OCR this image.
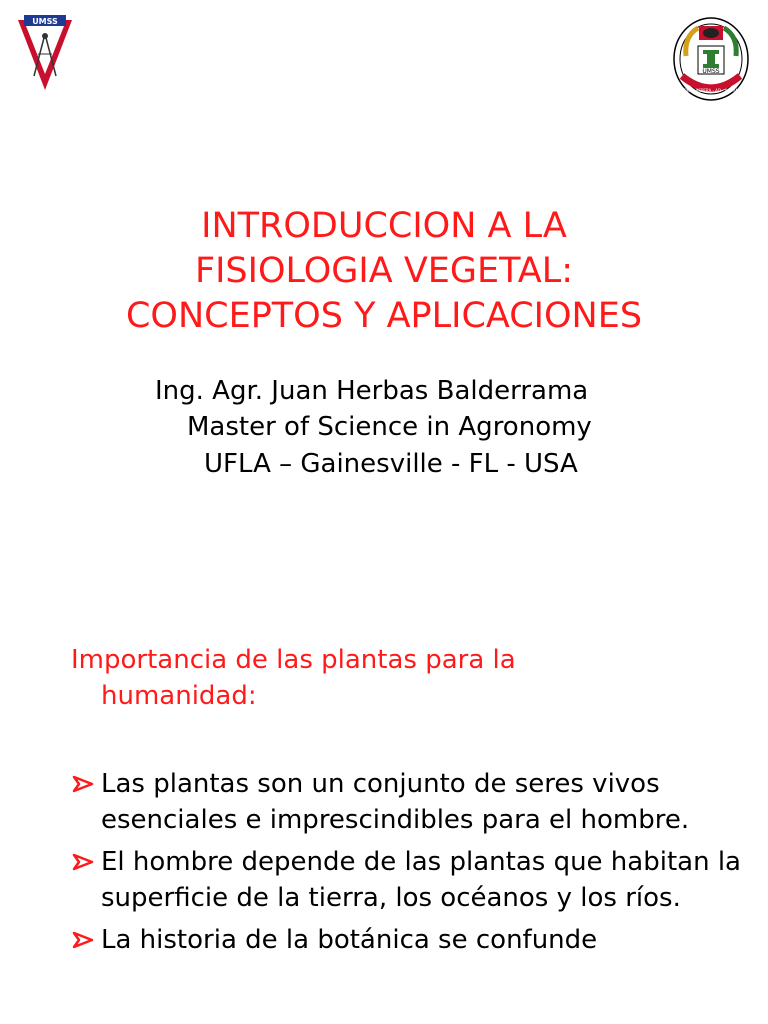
UMSS
UMSS
PER · ASPERA · AD · ASTRA
INTRODUCCION A LA
FISIOLOGIA VEGETAL:
CONCEPTOS Y APLICACIONES
Ing. Agr. Juan Herbas Balderrama
Master of Science in Agronomy
UFLA – Gainesville - FL - USA
Importancia de las plantas para la
humanidad:
Las plantas son un conjunto de seres vivos esenciales e imprescindibles para el hombre.
El hombre depende de las plantas que habitan la superficie de la tierra, los océanos y los ríos.
La historia de la botánica se confunde
